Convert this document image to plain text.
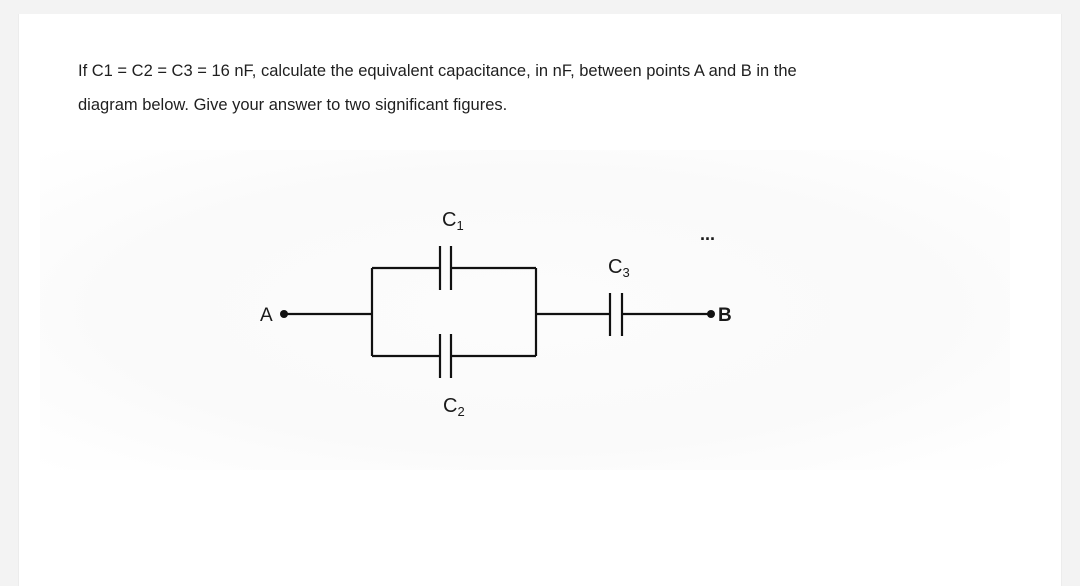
If C1 = C2 = C3 = 16 nF, calculate the equivalent capacitance, in nF, between points A and B in the
diagram below. Give your answer to two significant figures.
$C_1$
$C_2$
$C_3$
A	B
...
